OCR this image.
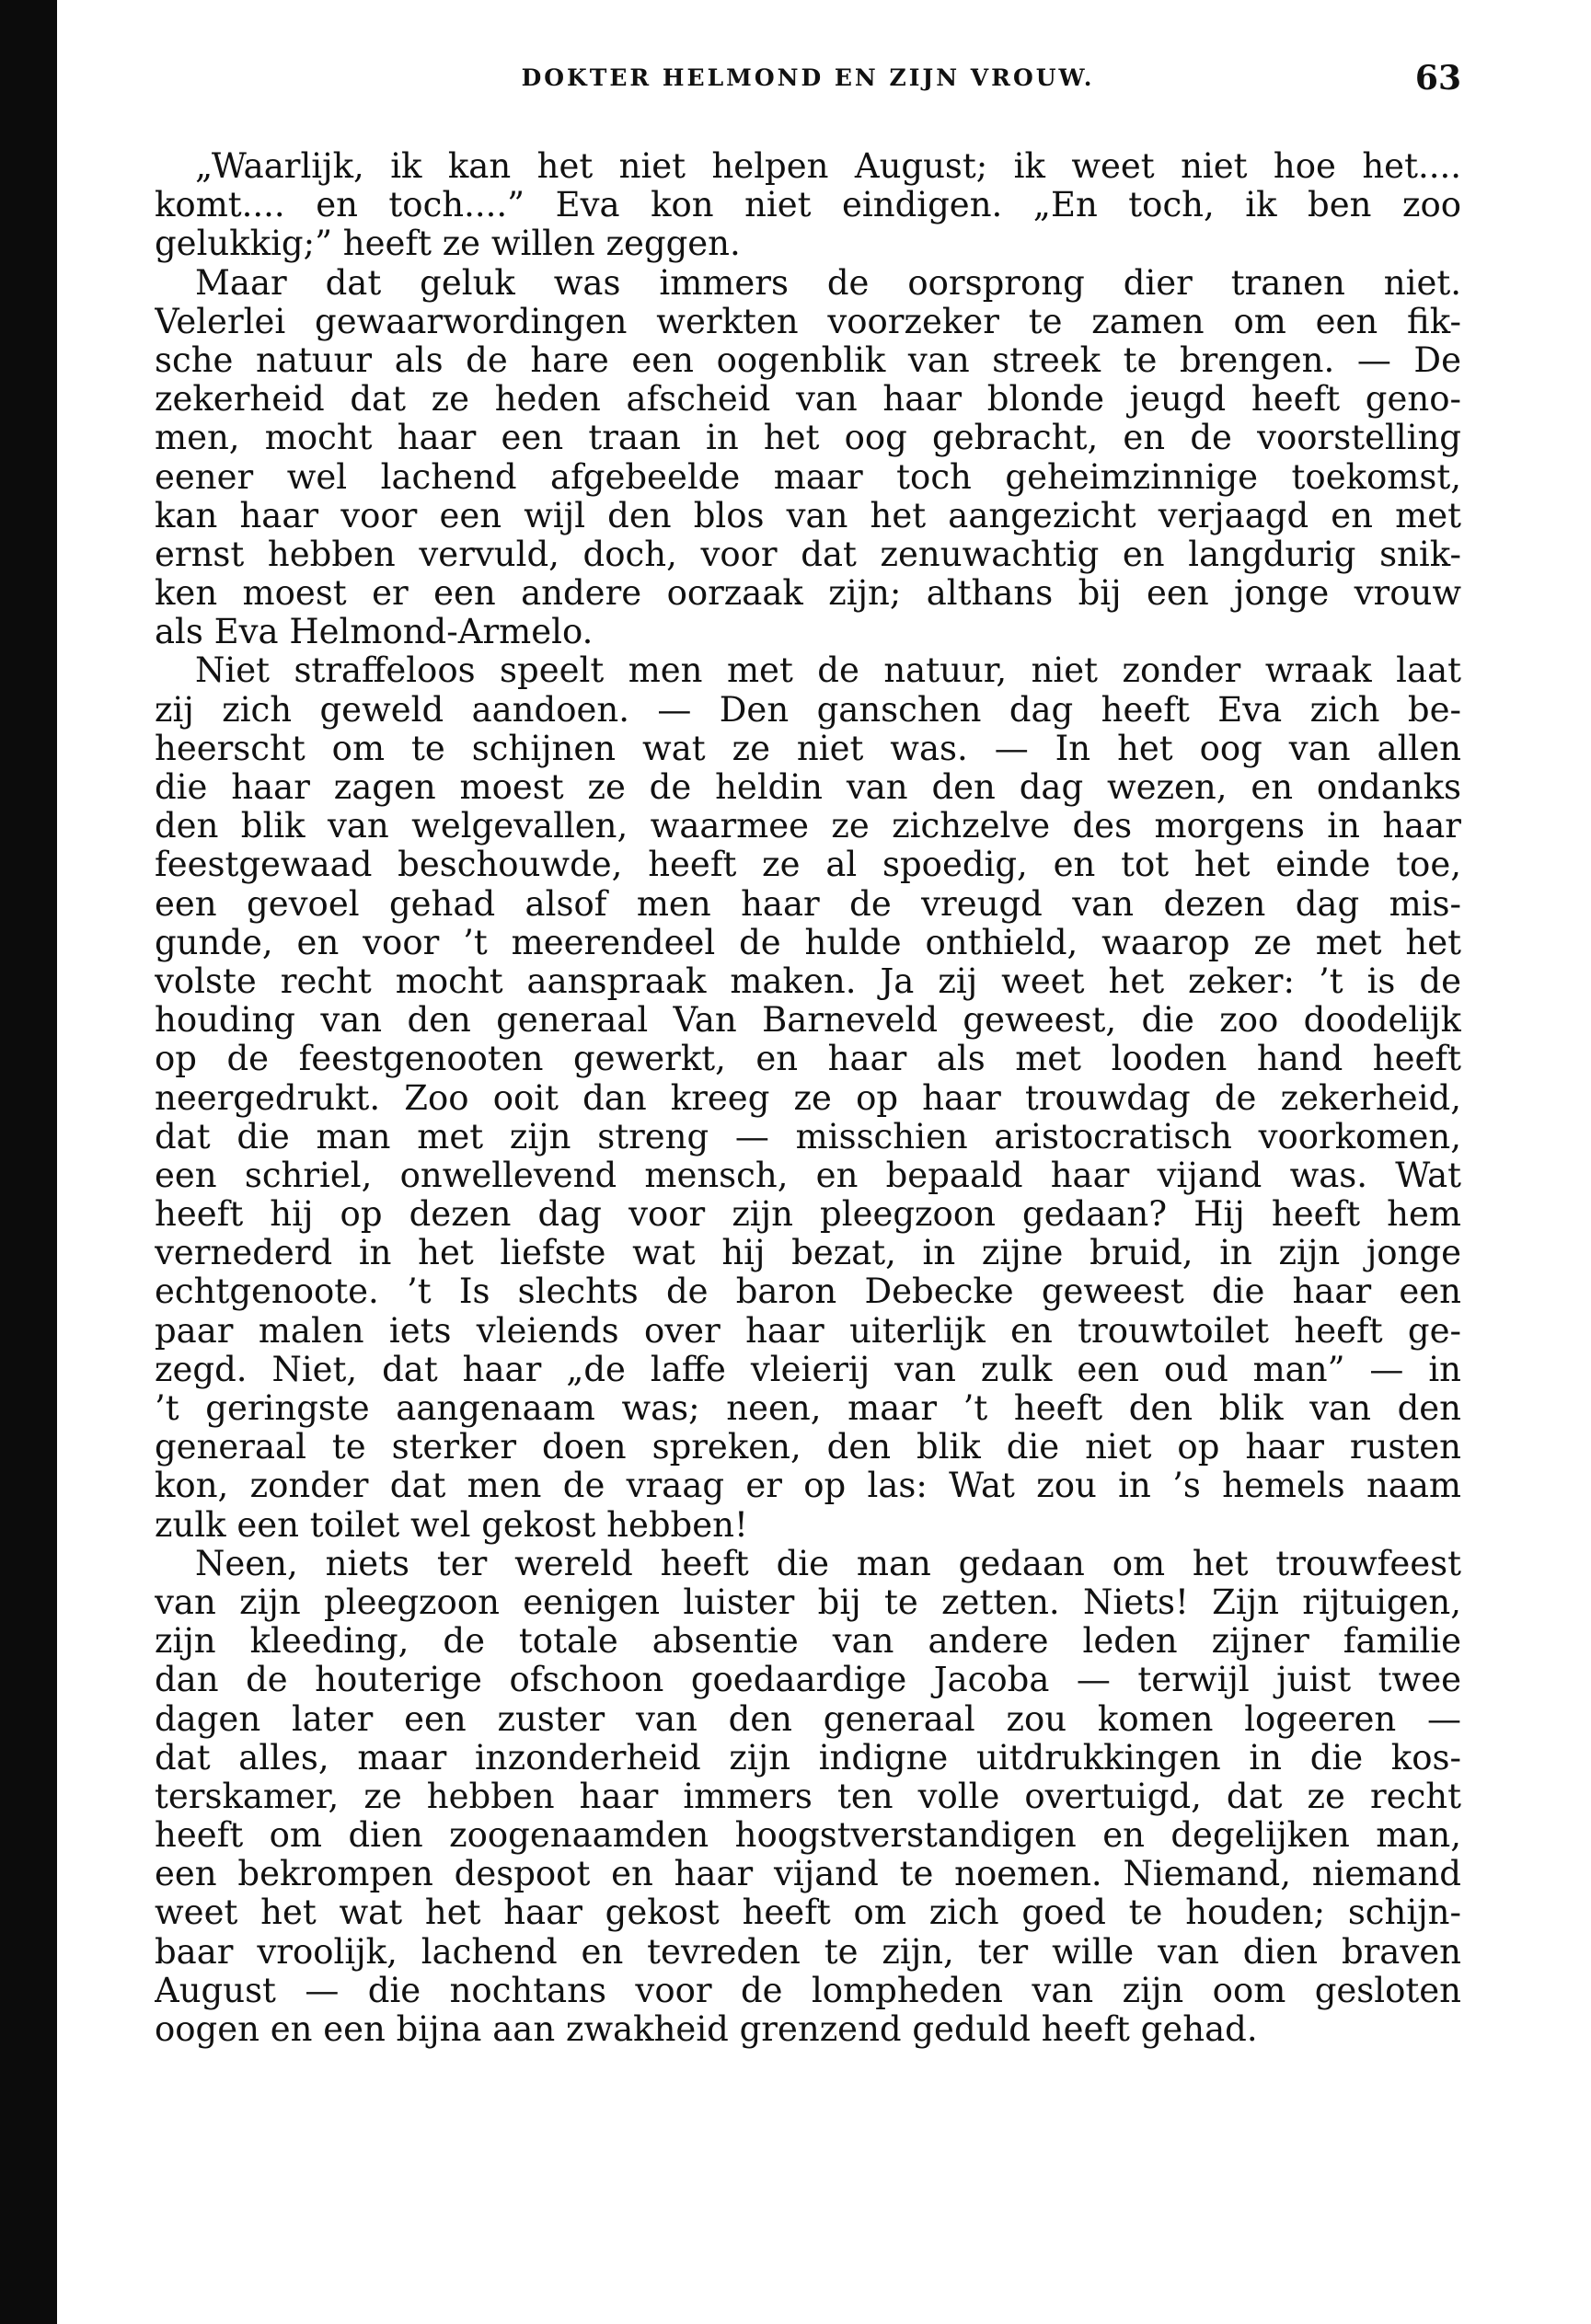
DOKTER HELMOND EN ZIJN VROUW.	63
„Waarlijk, ik kan het niet helpen August; ik weet niet hoe het....
komt.... en toch....” Eva kon niet eindigen. „En toch, ik ben zoo
gelukkig;” heeft ze willen zeggen.
Maar dat geluk was immers de oorsprong dier tranen niet.
Velerlei gewaarwordingen werkten voorzeker te zamen om een fik-
sche natuur als de hare een oogenblik van streek te brengen. — De
zekerheid dat ze heden afscheid van haar blonde jeugd heeft geno-
men, mocht haar een traan in het oog gebracht, en de voorstelling
eener wel lachend afgebeelde maar toch geheimzinnige toekomst,
kan haar voor een wijl den blos van het aangezicht verjaagd en met
ernst hebben vervuld, doch, voor dat zenuwachtig en langdurig snik-
ken moest er een andere oorzaak zijn; althans bij een jonge vrouw
als Eva Helmond-Armelo.
Niet straffeloos speelt men met de natuur, niet zonder wraak laat
zij zich geweld aandoen. — Den ganschen dag heeft Eva zich be-
heerscht om te schijnen wat ze niet was. — In het oog van allen
die haar zagen moest ze de heldin van den dag wezen, en ondanks
den blik van welgevallen, waarmee ze zichzelve des morgens in haar
feestgewaad beschouwde, heeft ze al spoedig, en tot het einde toe,
een gevoel gehad alsof men haar de vreugd van dezen dag mis-
gunde, en voor ’t meerendeel de hulde onthield, waarop ze met het
volste recht mocht aanspraak maken. Ja zij weet het zeker: ’t is de
houding van den generaal Van Barneveld geweest, die zoo doodelijk
op de feestgenooten gewerkt, en haar als met looden hand heeft
neergedrukt. Zoo ooit dan kreeg ze op haar trouwdag de zekerheid,
dat die man met zijn streng — misschien aristocratisch voorkomen,
een schriel, onwellevend mensch, en bepaald haar vijand was. Wat
heeft hij op dezen dag voor zijn pleegzoon gedaan? Hij heeft hem
vernederd in het liefste wat hij bezat, in zijne bruid, in zijn jonge
echtgenoote. ’t Is slechts de baron Debecke geweest die haar een
paar malen iets vleiends over haar uiterlijk en trouwtoilet heeft ge-
zegd. Niet, dat haar „de laffe vleierij van zulk een oud man” — in
’t geringste aangenaam was; neen, maar ’t heeft den blik van den
generaal te sterker doen spreken, den blik die niet op haar rusten
kon, zonder dat men de vraag er op las: Wat zou in ’s hemels naam
zulk een toilet wel gekost hebben!
Neen, niets ter wereld heeft die man gedaan om het trouwfeest
van zijn pleegzoon eenigen luister bij te zetten. Niets! Zijn rijtuigen,
zijn kleeding, de totale absentie van andere leden zijner familie
dan de houterige ofschoon goedaardige Jacoba — terwijl juist twee
dagen later een zuster van den generaal zou komen logeeren —
dat alles, maar inzonderheid zijn indigne uitdrukkingen in die kos-
terskamer, ze hebben haar immers ten volle overtuigd, dat ze recht
heeft om dien zoogenaamden hoogstverstandigen en degelijken man,
een bekrompen despoot en haar vijand te noemen. Niemand, niemand
weet het wat het haar gekost heeft om zich goed te houden; schijn-
baar vroolijk, lachend en tevreden te zijn, ter wille van dien braven
August — die nochtans voor de lompheden van zijn oom gesloten
oogen en een bijna aan zwakheid grenzend geduld heeft gehad.
